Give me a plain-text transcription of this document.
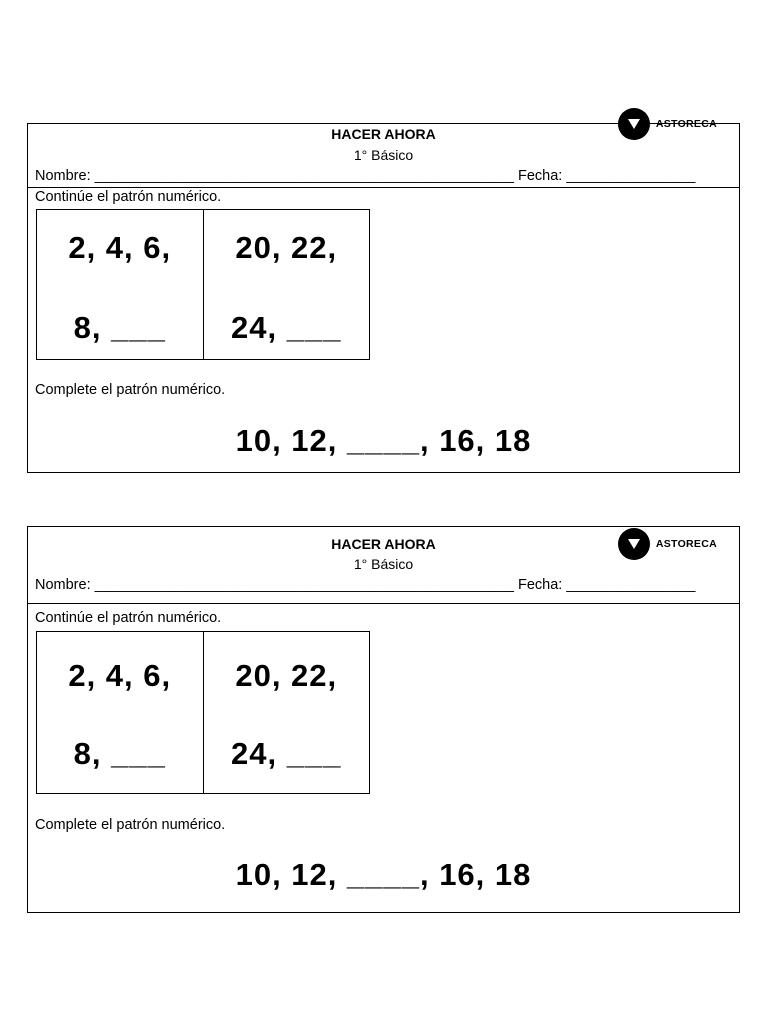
HACER AHORA
1° Básico
Nombre: ____________________________________________________ Fecha: ________________
ASTORECA
Continúe el patrón numérico.
2, 4, 6,
8, ___
20, 22,
24, ___
Complete el patrón numérico.
10, 12, ____, 16, 18
HACER AHORA
1° Básico
Nombre: ____________________________________________________ Fecha: ________________
ASTORECA
Continúe el patrón numérico.
2, 4, 6,
8, ___
20, 22,
24, ___
Complete el patrón numérico.
10, 12, ____, 16, 18
